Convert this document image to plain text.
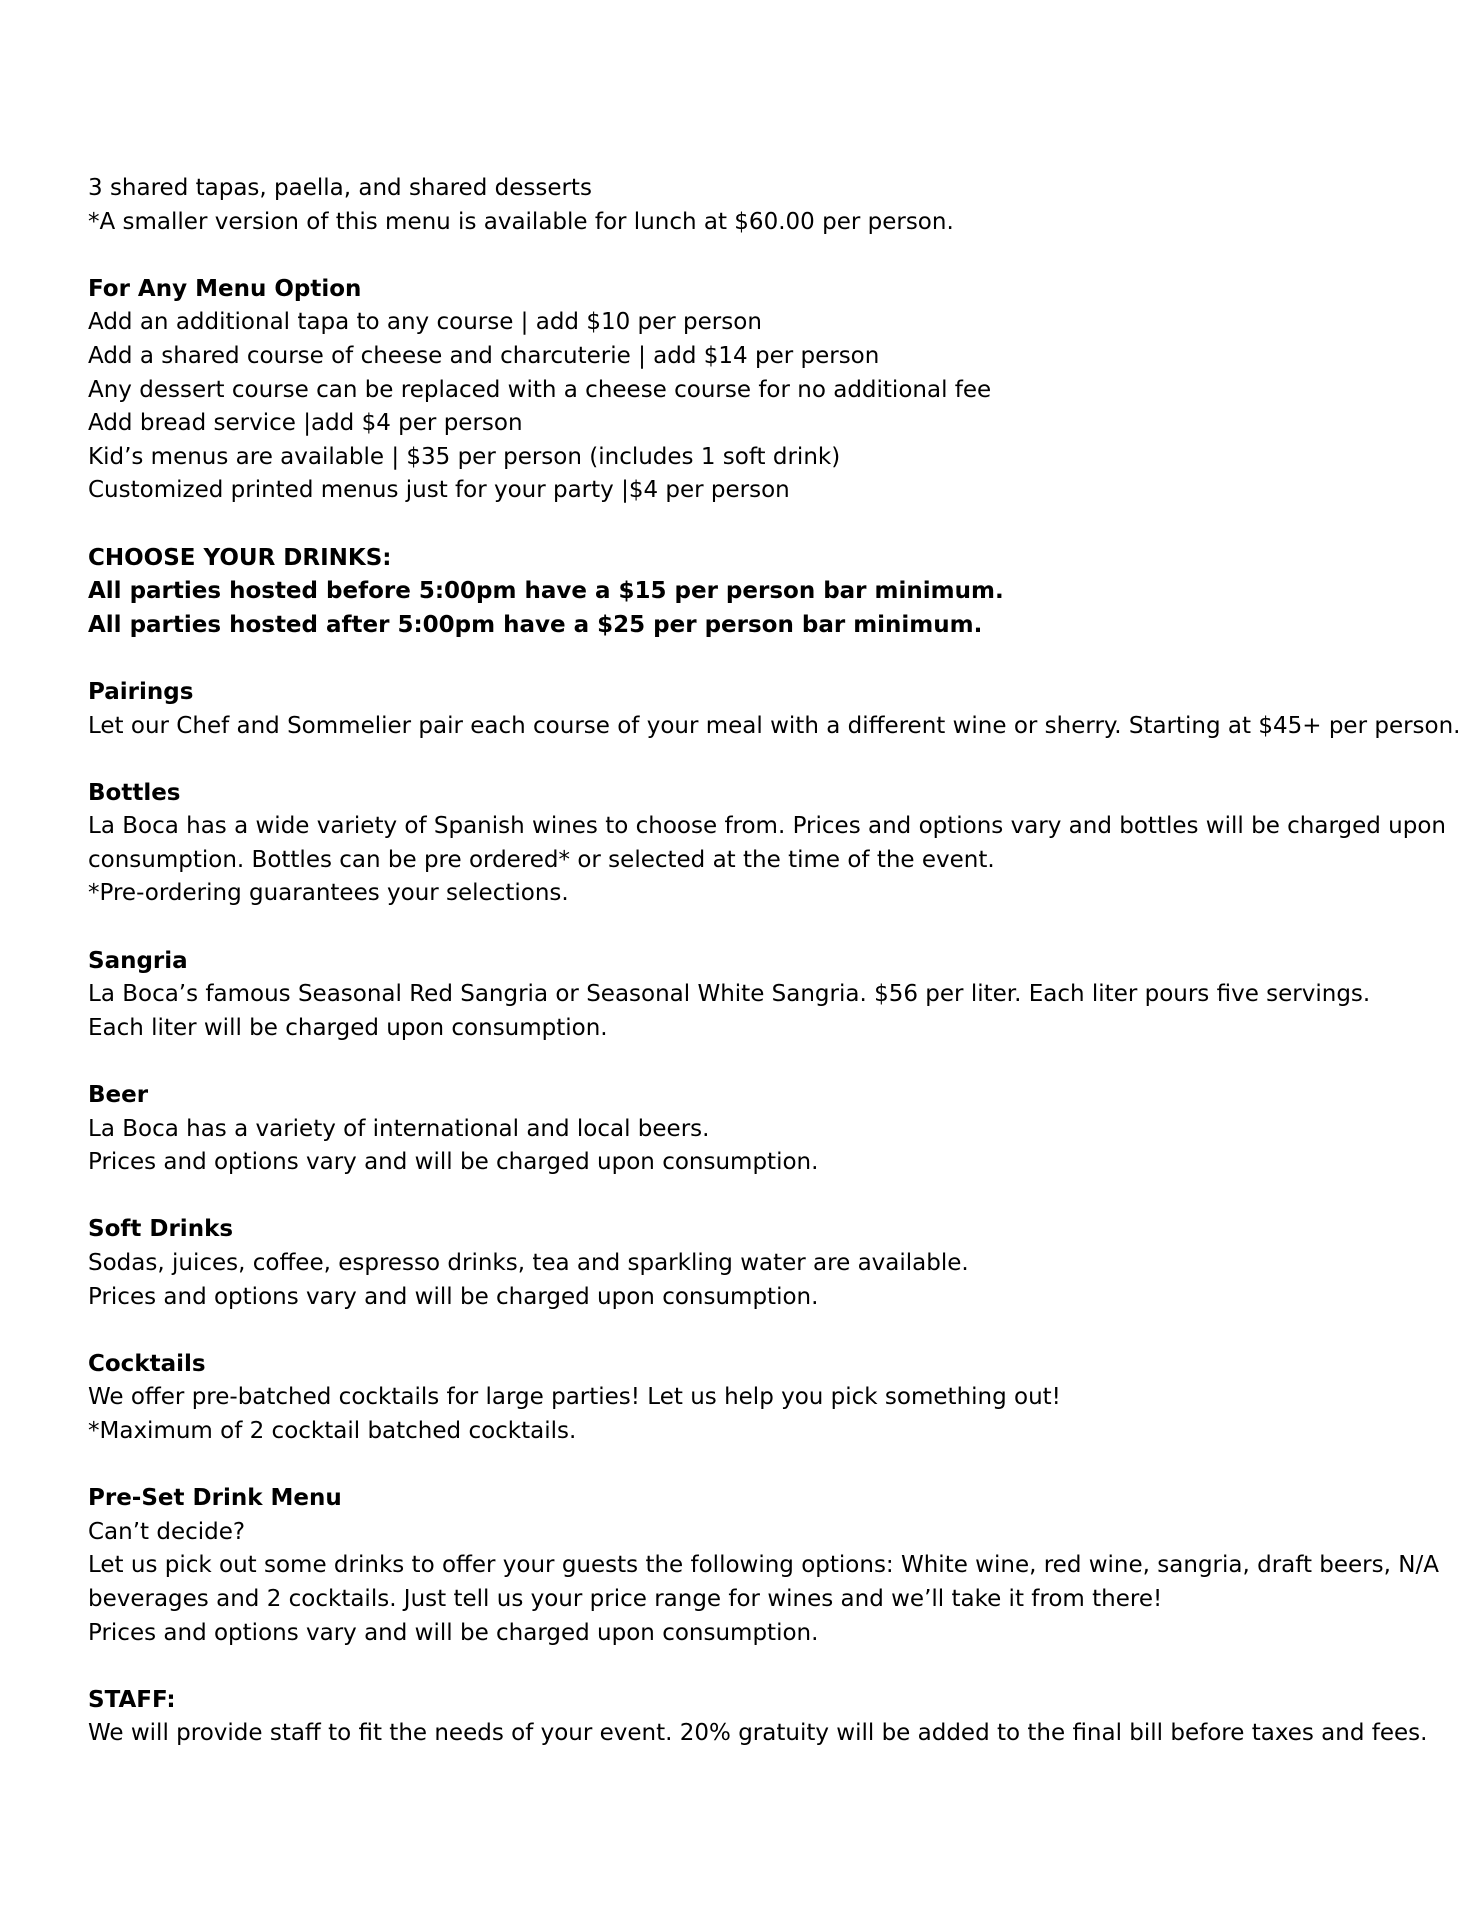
3 shared tapas, paella, and shared desserts
*A smaller version of this menu is available for lunch at $60.00 per person.
For Any Menu Option
Add an additional tapa to any course | add $10 per person
Add a shared course of cheese and charcuterie | add $14 per person
Any dessert course can be replaced with a cheese course for no additional fee
Add bread service |add $4 per person
Kid’s menus are available | $35 per person (includes 1 soft drink)
Customized printed menus just for your party |$4 per person
CHOOSE YOUR DRINKS:
All parties hosted before 5:00pm have a $15 per person bar minimum.
All parties hosted after 5:00pm have a $25 per person bar minimum.
Pairings
Let our Chef and Sommelier pair each course of your meal with a different wine or sherry. Starting at $45+ per person.
Bottles
La Boca has a wide variety of Spanish wines to choose from. Prices and options vary and bottles will be charged upon
consumption. Bottles can be pre ordered* or selected at the time of the event.
*Pre-ordering guarantees your selections.
Sangria
La Boca’s famous Seasonal Red Sangria or Seasonal White Sangria. $56 per liter. Each liter pours five servings.
Each liter will be charged upon consumption.
Beer
La Boca has a variety of international and local beers.
Prices and options vary and will be charged upon consumption.
Soft Drinks
Sodas, juices, coffee, espresso drinks, tea and sparkling water are available.
Prices and options vary and will be charged upon consumption.
Cocktails
We offer pre-batched cocktails for large parties! Let us help you pick something out!
*Maximum of 2 cocktail batched cocktails.
Pre-Set Drink Menu
Can’t decide?
Let us pick out some drinks to offer your guests the following options: White wine, red wine, sangria, draft beers, N/A
beverages and 2 cocktails. Just tell us your price range for wines and we’ll take it from there!
Prices and options vary and will be charged upon consumption.
STAFF:
We will provide staff to fit the needs of your event. 20% gratuity will be added to the final bill before taxes and fees.
